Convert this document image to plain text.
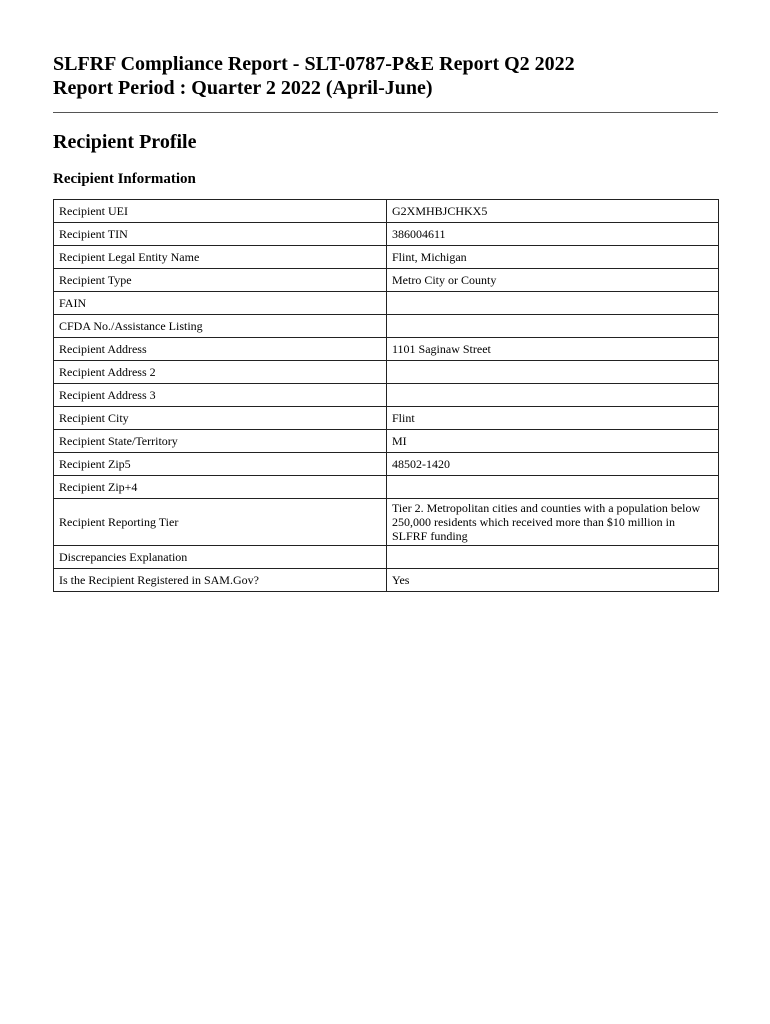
SLFRF Compliance Report - SLT-0787-P&E Report Q2 2022
Report Period : Quarter 2 2022 (April-June)
Recipient Profile
Recipient Information
Recipient UEI	G2XMHBJCHKX5
Recipient TIN	386004611
Recipient Legal Entity Name	Flint, Michigan
Recipient Type	Metro City or County
FAIN	
CFDA No./Assistance Listing	
Recipient Address	1101 Saginaw Street
Recipient Address 2	
Recipient Address 3	
Recipient City	Flint
Recipient State/Territory	MI
Recipient Zip5	48502-1420
Recipient Zip+4	
Recipient Reporting Tier	Tier 2. Metropolitan cities and counties with a population below 250,000 residents which received more than $10 million in SLFRF funding
Discrepancies Explanation	
Is the Recipient Registered in SAM.Gov?	Yes
